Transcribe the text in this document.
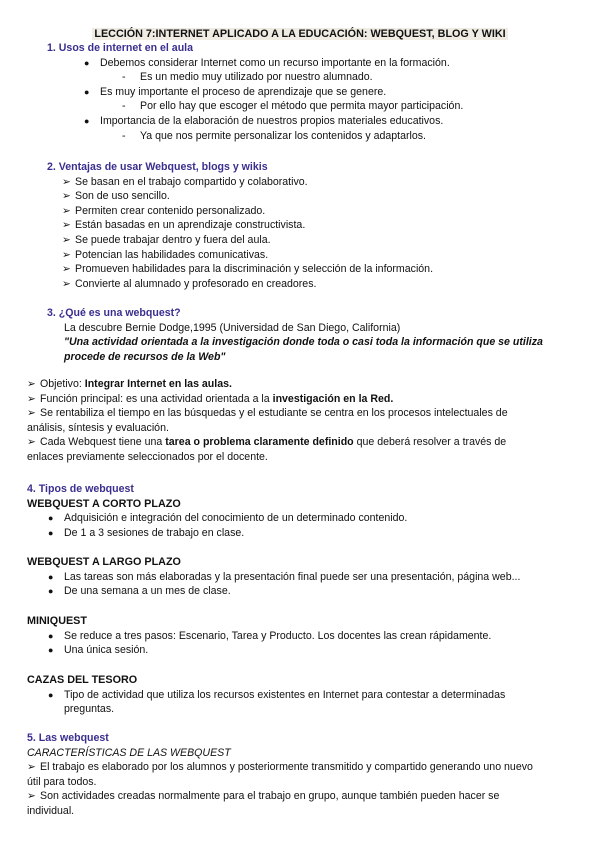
LECCIÓN 7:INTERNET APLICADO A LA EDUCACIÓN: WEBQUEST, BLOG Y WIKI
1. Usos de internet en el aula
● Debemos considerar Internet como un recurso importante en la formación.
- Es un medio muy utilizado por nuestro alumnado.
● Es muy importante el proceso de aprendizaje que se genere.
- Por ello hay que escoger el método que permita mayor participación.
● Importancia de la elaboración de nuestros propios materiales educativos.
- Ya que nos permite personalizar los contenidos y adaptarlos.
2. Ventajas de usar Webquest, blogs y wikis
➢ Se basan en el trabajo compartido y colaborativo.
➢ Son de uso sencillo.
➢ Permiten crear contenido personalizado.
➢ Están basadas en un aprendizaje constructivista.
➢ Se puede trabajar dentro y fuera del aula.
➢ Potencian las habilidades comunicativas.
➢ Promueven habilidades para la discriminación y selección de la información.
➢ Convierte al alumnado y profesorado en creadores.
3. ¿Qué es una webquest?
La descubre Bernie Dodge,1995 (Universidad de San Diego, California)
"Una actividad orientada a la investigación donde toda o casi toda la información que se utiliza
procede de recursos de la Web"
➢ Objetivo: Integrar Internet en las aulas.
➢ Función principal: es una actividad orientada a la investigación en la Red.
➢ Se rentabiliza el tiempo en las búsquedas y el estudiante se centra en los procesos intelectuales de
análisis, síntesis y evaluación.
➢ Cada Webquest tiene una tarea o problema claramente definido que deberá resolver a través de
enlaces previamente seleccionados por el docente.
4. Tipos de webquest
WEBQUEST A CORTO PLAZO
● Adquisición e integración del conocimiento de un determinado contenido.
● De 1 a 3 sesiones de trabajo en clase.
WEBQUEST A LARGO PLAZO
● Las tareas son más elaboradas y la presentación final puede ser una presentación, página web...
● De una semana a un mes de clase.
MINIQUEST
● Se reduce a tres pasos: Escenario, Tarea y Producto. Los docentes las crean rápidamente.
● Una única sesión.
CAZAS DEL TESORO
● Tipo de actividad que utiliza los recursos existentes en Internet para contestar a determinadas
preguntas.
5. Las webquest
CARACTERÍSTICAS DE LAS WEBQUEST
➢ El trabajo es elaborado por los alumnos y posteriormente transmitido y compartido generando uno nuevo
útil para todos.
➢ Son actividades creadas normalmente para el trabajo en grupo, aunque también pueden hacer se
individual.
